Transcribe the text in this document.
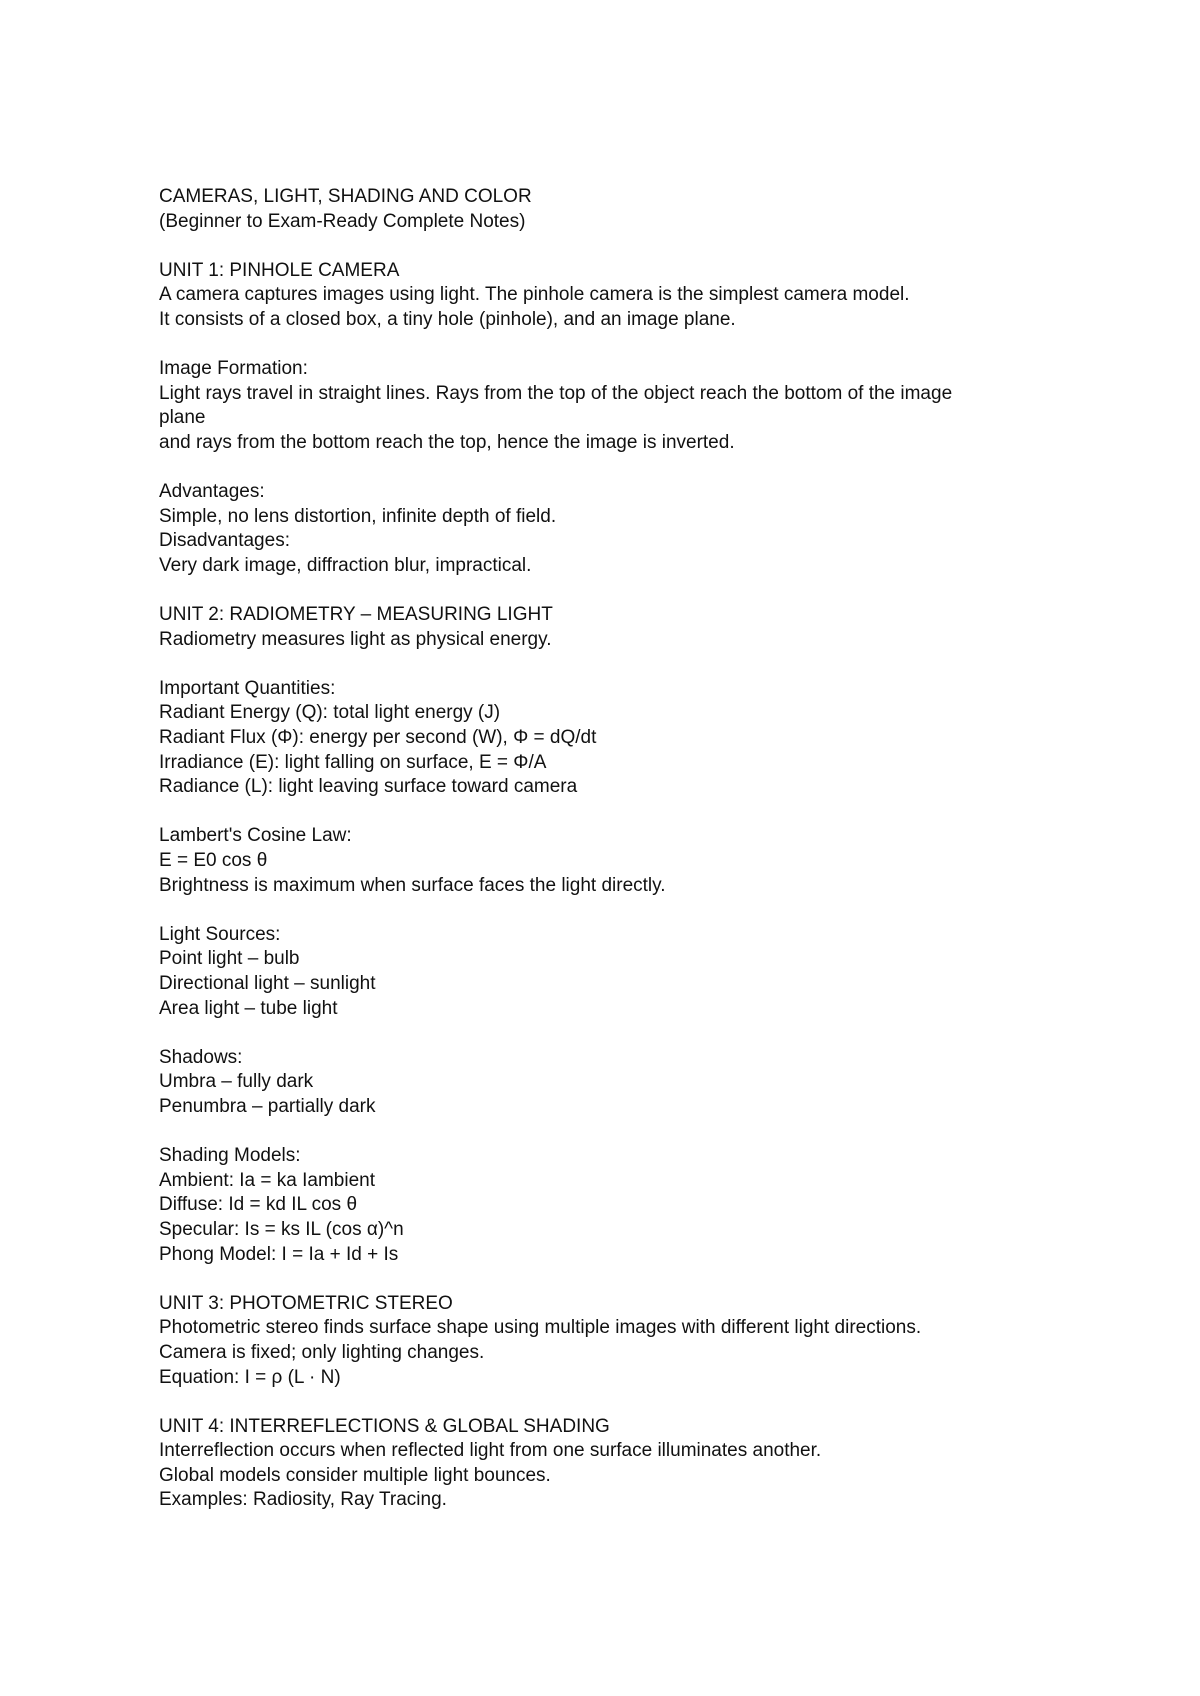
CAMERAS, LIGHT, SHADING AND COLOR

(Beginner to Exam-Ready Complete Notes)

UNIT 1: PINHOLE CAMERA

A camera captures images using light. The pinhole camera is the simplest camera model.

It consists of a closed box, a tiny hole (pinhole), and an image plane.

Image Formation:

Light rays travel in straight lines. Rays from the top of the object reach the bottom of the image

plane

and rays from the bottom reach the top, hence the image is inverted.

Advantages:

Simple, no lens distortion, infinite depth of field.

Disadvantages:

Very dark image, diffraction blur, impractical.

UNIT 2: RADIOMETRY – MEASURING LIGHT

Radiometry measures light as physical energy.

Important Quantities:

Radiant Energy (Q): total light energy (J)

Radiant Flux (Φ): energy per second (W), Φ = dQ/dt

Irradiance (E): light falling on surface, E = Φ/A

Radiance (L): light leaving surface toward camera

Lambert's Cosine Law:

E = E0 cos θ

Brightness is maximum when surface faces the light directly.

Light Sources:

Point light – bulb

Directional light – sunlight

Area light – tube light

Shadows:

Umbra – fully dark

Penumbra – partially dark

Shading Models:

Ambient: Ia = ka Iambient

Diffuse: Id = kd IL cos θ

Specular: Is = ks IL (cos α)^n

Phong Model: I = Ia + Id + Is

UNIT 3: PHOTOMETRIC STEREO

Photometric stereo finds surface shape using multiple images with different light directions.

Camera is fixed; only lighting changes.

Equation: I = ρ (L · N)

UNIT 4: INTERREFLECTIONS & GLOBAL SHADING

Interreflection occurs when reflected light from one surface illuminates another.

Global models consider multiple light bounces.

Examples: Radiosity, Ray Tracing.
